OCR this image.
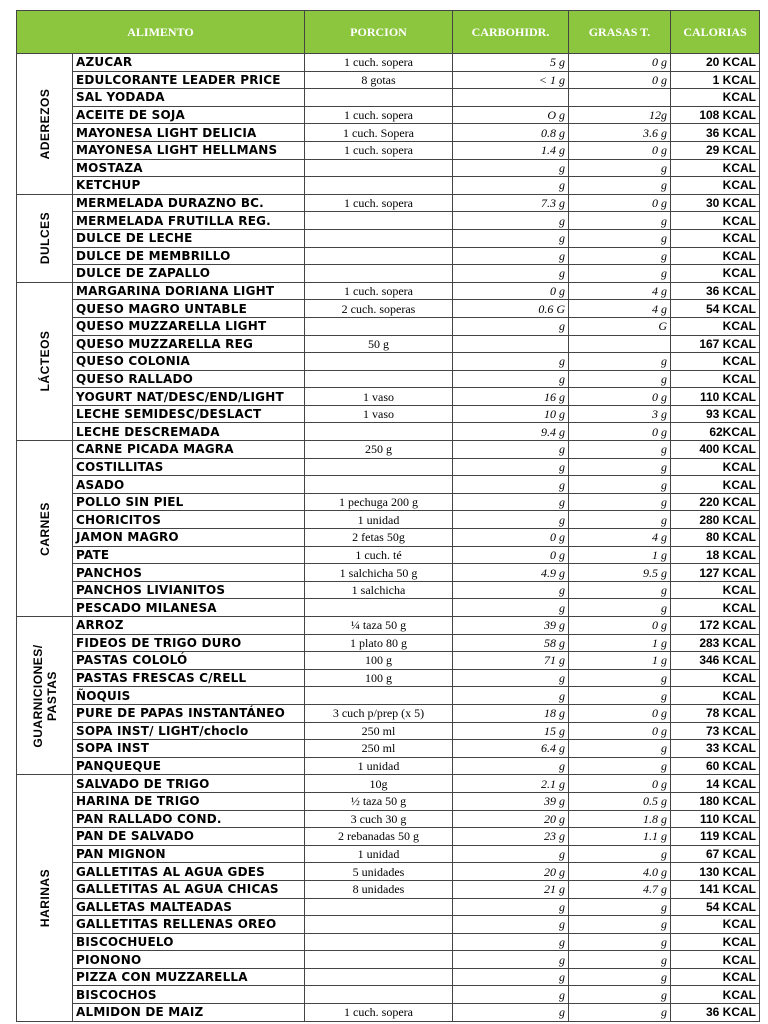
ALIMENTO		PORCION	CARBOHIDR.	GRASAS T.	CALORIAS

ADEREZOS	AZUCAR	1 cuch. sopera	5 g	0 g	20 KCAL
	EDULCORANTE LEADER PRICE	8 gotas	< 1 g	0 g	1 KCAL
	SAL YODADA				KCAL
	ACEITE DE SOJA	1 cuch. sopera	O g	12g	108 KCAL
	MAYONESA LIGHT DELICIA	1 cuch. Sopera	0.8 g	3.6 g	36 KCAL
	MAYONESA LIGHT HELLMANS	1 cuch. sopera	1.4 g	0 g	29 KCAL
	MOSTAZA		g	g	KCAL
	KETCHUP		g	g	KCAL

DULCES	MERMELADA DURAZNO BC.	1 cuch. sopera	7.3 g	0 g	30 KCAL
	MERMELADA FRUTILLA REG.		g	g	KCAL
	DULCE DE LECHE		g	g	KCAL
	DULCE DE MEMBRILLO		g	g	KCAL
	DULCE DE ZAPALLO		g	g	KCAL

LÁCTEOS	MARGARINA DORIANA LIGHT	1 cuch. sopera	0 g	4 g	36 KCAL
	QUESO MAGRO UNTABLE	2 cuch. soperas	0.6 G	4 g	54 KCAL
	QUESO MUZZARELLA LIGHT		g	G	KCAL
	QUESO MUZZARELLA REG	50 g			167 KCAL
	QUESO COLONIA		g	g	KCAL
	QUESO RALLADO		g	g	KCAL
	YOGURT NAT/DESC/END/LIGHT	1 vaso	16 g	0 g	110 KCAL
	LECHE SEMIDESC/DESLACT	1 vaso	10 g	3 g	93 KCAL
	LECHE DESCREMADA		9.4 g	0 g	62KCAL

CARNES	CARNE PICADA MAGRA	250 g	g	g	400 KCAL
	COSTILLITAS		g	g	KCAL
	ASADO		g	g	KCAL
	POLLO SIN PIEL	1 pechuga 200 g	g	g	220 KCAL
	CHORICITOS	1 unidad	g	g	280 KCAL
	JAMON MAGRO	2 fetas 50g	0 g	4 g	80 KCAL
	PATE	1 cuch. té	0 g	1 g	18 KCAL
	PANCHOS	1 salchicha 50 g	4.9 g	9.5 g	127 KCAL
	PANCHOS LIVIANITOS	1 salchicha	g	g	KCAL
	PESCADO MILANESA		g	g	KCAL

GUARNICIONES/
PASTAS	ARROZ	¼ taza 50 g	39 g	0 g	172 KCAL
	FIDEOS DE TRIGO DURO	1 plato 80 g	58 g	1 g	283 KCAL
	PASTAS COLOLÓ	100 g	71 g	1 g	346 KCAL
	PASTAS FRESCAS C/RELL	100 g	g	g	KCAL
	ÑOQUIS		g	g	KCAL
	PURE DE PAPAS INSTANTÁNEO	3 cuch p/prep (x 5)	18 g	0 g	78 KCAL
	SOPA INST/ LIGHT/choclo	250 ml	15 g	0 g	73 KCAL
	SOPA INST	250 ml	6.4 g	g	33 KCAL
	PANQUEQUE	1 unidad	g	g	60 KCAL

HARINAS	SALVADO DE TRIGO	10g	2.1 g	0 g	14 KCAL
	HARINA DE TRIGO	½ taza 50 g	39 g	0.5 g	180 KCAL
	PAN RALLADO COND.	3 cuch 30 g	20 g	1.8 g	110 KCAL
	PAN DE SALVADO	2 rebanadas 50 g	23 g	1.1 g	119 KCAL
	PAN MIGNON	1 unidad	g	g	67 KCAL
	GALLETITAS AL AGUA GDES	5 unidades	20 g	4.0 g	130 KCAL
	GALLETITAS AL AGUA CHICAS	8 unidades	21 g	4.7 g	141 KCAL
	GALLETAS MALTEADAS		g	g	54 KCAL
	GALLETITAS RELLENAS OREO		g	g	KCAL
	BISCOCHUELO		g	g	KCAL
	PIONONO		g	g	KCAL
	PIZZA CON MUZZARELLA		g	g	KCAL
	BISCOCHOS		g	g	KCAL
	ALMIDON DE MAIZ	1 cuch. sopera	g	g	36 KCAL
